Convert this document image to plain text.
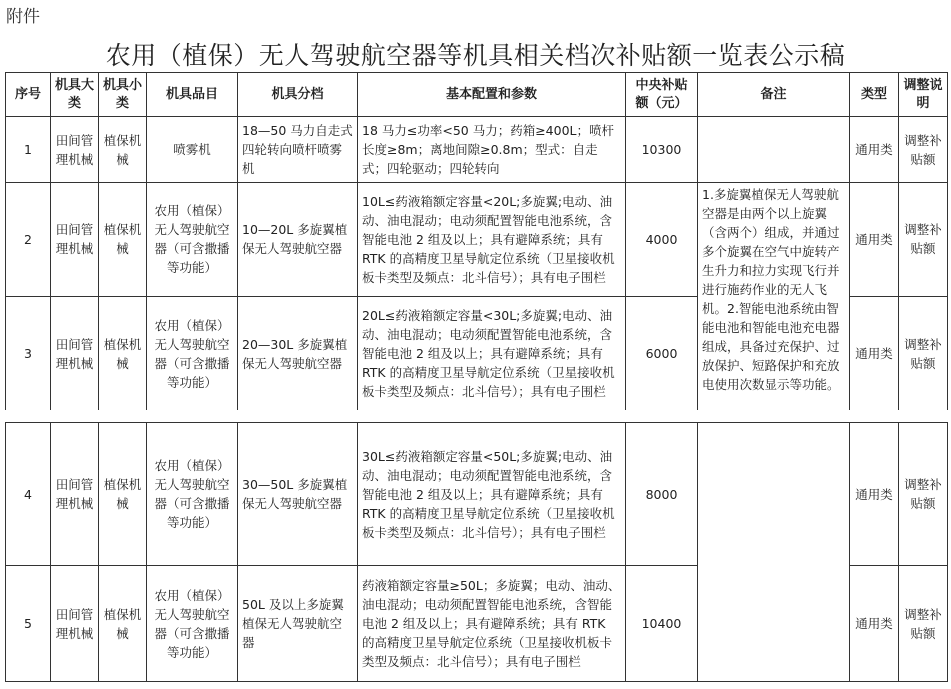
附件
农用（植保）无人驾驶航空器等机具相关档次补贴额一览表公示稿
序号	机具大类	机具小类	机具品目	机具分档	基本配置和参数	中央补贴额（元）	备注	类型	调整说明
1	田间管理机械	植保机械	喷雾机	18—50 马力自走式四轮转向喷杆喷雾机	18 马力≤功率<50 马力；药箱≥400L；喷杆长度≥8m；离地间隙≥0.8m；型式：自走式；四轮驱动；四轮转向	10300		通用类	调整补贴额
2	田间管理机械	植保机械	农用（植保）无人驾驶航空器（可含撒播等功能）	10—20L 多旋翼植保无人驾驶航空器	10L≤药液箱额定容量<20L;多旋翼;电动、油动、油电混动；电动须配置智能电池系统，含智能电池 2 组及以上；具有避障系统；具有 RTK 的高精度卫星导航定位系统（卫星接收机板卡类型及频点：北斗信号）；具有电子围栏	4000	1.多旋翼植保无人驾驶航空器是由两个以上旋翼（含两个）组成，并通过多个旋翼在空气中旋转产生升力和拉力实现飞行并进行施药作业的无人飞机。2.智能电池系统由智能电池和智能电池充电器组成，具备过充保护、过放保护、短路保护和充放电使用次数显示等功能。	通用类	调整补贴额
3	田间管理机械	植保机械	农用（植保）无人驾驶航空器（可含撒播等功能）	20—30L 多旋翼植保无人驾驶航空器	20L≤药液箱额定容量<30L;多旋翼;电动、油动、油电混动；电动须配置智能电池系统，含智能电池 2 组及以上；具有避障系统；具有 RTK 的高精度卫星导航定位系统（卫星接收机板卡类型及频点：北斗信号）；具有电子围栏	6000		通用类	调整补贴额
4	田间管理机械	植保机械	农用（植保）无人驾驶航空器（可含撒播等功能）	30—50L 多旋翼植保无人驾驶航空器	30L≤药液箱额定容量<50L;多旋翼;电动、油动、油电混动；电动须配置智能电池系统，含智能电池 2 组及以上；具有避障系统；具有 RTK 的高精度卫星导航定位系统（卫星接收机板卡类型及频点：北斗信号）；具有电子围栏	8000		通用类	调整补贴额
5	田间管理机械	植保机械	农用（植保）无人驾驶航空器（可含撒播等功能）	50L 及以上多旋翼植保无人驾驶航空器	药液箱额定容量≥50L；多旋翼；电动、油动、油电混动；电动须配置智能电池系统，含智能电池 2 组及以上；具有避障系统；具有 RTK 的高精度卫星导航定位系统（卫星接收机板卡类型及频点：北斗信号）；具有电子围栏	10400		通用类	调整补贴额
